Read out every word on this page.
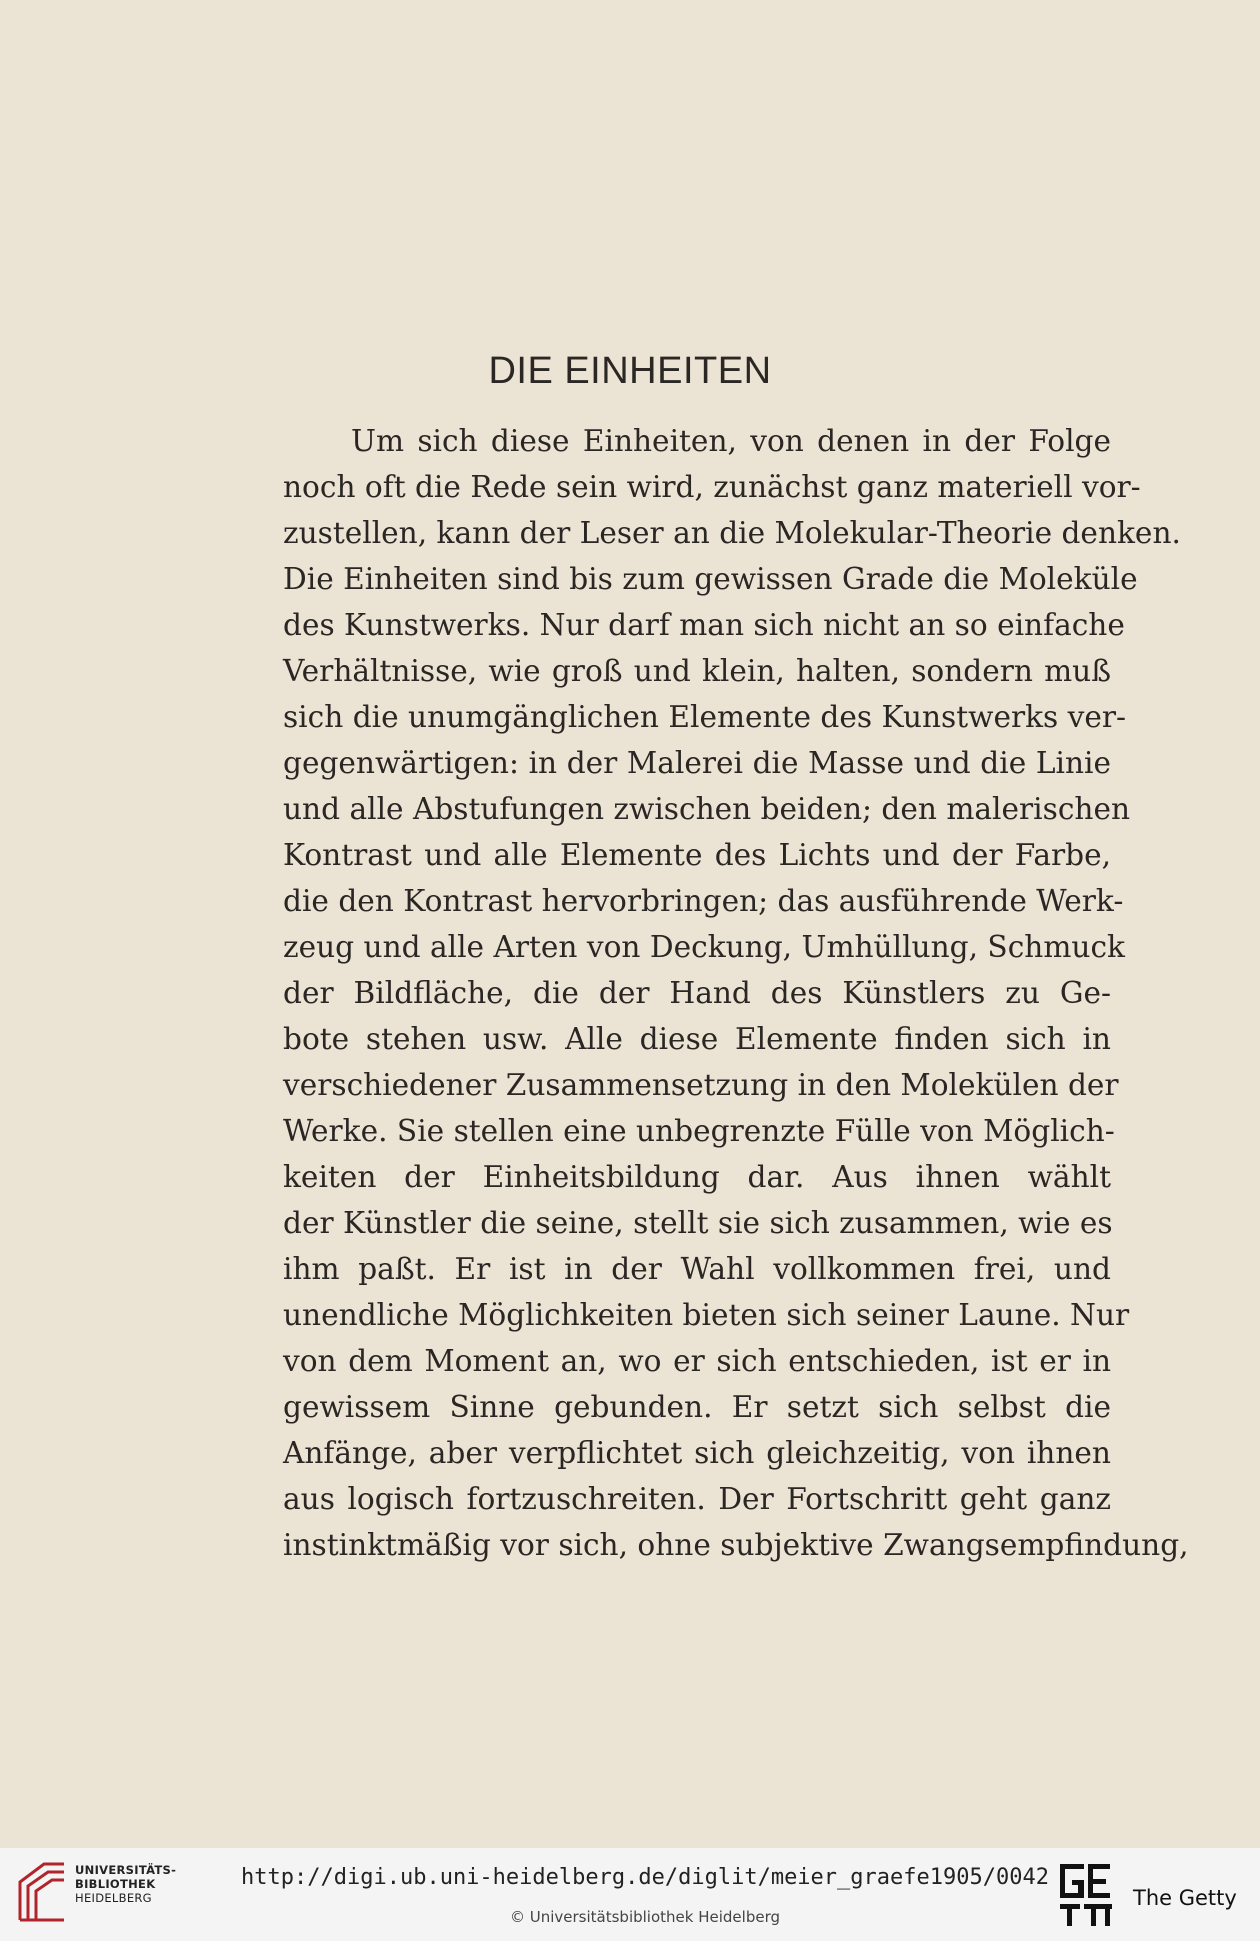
DIE EINHEITEN
Um sich diese Einheiten, von denen in der Folge
noch oft die Rede sein wird, zunächst ganz materiell vor-
zustellen, kann der Leser an die Molekular-Theorie denken.
Die Einheiten sind bis zum gewissen Grade die Moleküle
des Kunstwerks. Nur darf man sich nicht an so einfache
Verhältnisse, wie groß und klein, halten, sondern muß
sich die unumgänglichen Elemente des Kunstwerks ver-
gegenwärtigen: in der Malerei die Masse und die Linie
und alle Abstufungen zwischen beiden; den malerischen
Kontrast und alle Elemente des Lichts und der Farbe,
die den Kontrast hervorbringen; das ausführende Werk-
zeug und alle Arten von Deckung, Umhüllung, Schmuck
der Bildfläche, die der Hand des Künstlers zu Ge-
bote stehen usw. Alle diese Elemente finden sich in
verschiedener Zusammensetzung in den Molekülen der
Werke. Sie stellen eine unbegrenzte Fülle von Möglich-
keiten der Einheitsbildung dar. Aus ihnen wählt
der Künstler die seine, stellt sie sich zusammen, wie es
ihm paßt. Er ist in der Wahl vollkommen frei, und
unendliche Möglichkeiten bieten sich seiner Laune. Nur
von dem Moment an, wo er sich entschieden, ist er in
gewissem Sinne gebunden. Er setzt sich selbst die
Anfänge, aber verpflichtet sich gleichzeitig, von ihnen
aus logisch fortzuschreiten. Der Fortschritt geht ganz
instinktmäßig vor sich, ohne subjektive Zwangsempfindung,
UNIVERSITÄTS-
BIBLIOTHEK
HEIDELBERG
http://digi.ub.uni-heidelberg.de/diglit/meier_graefe1905/0042
© Universitätsbibliothek Heidelberg
The Getty
